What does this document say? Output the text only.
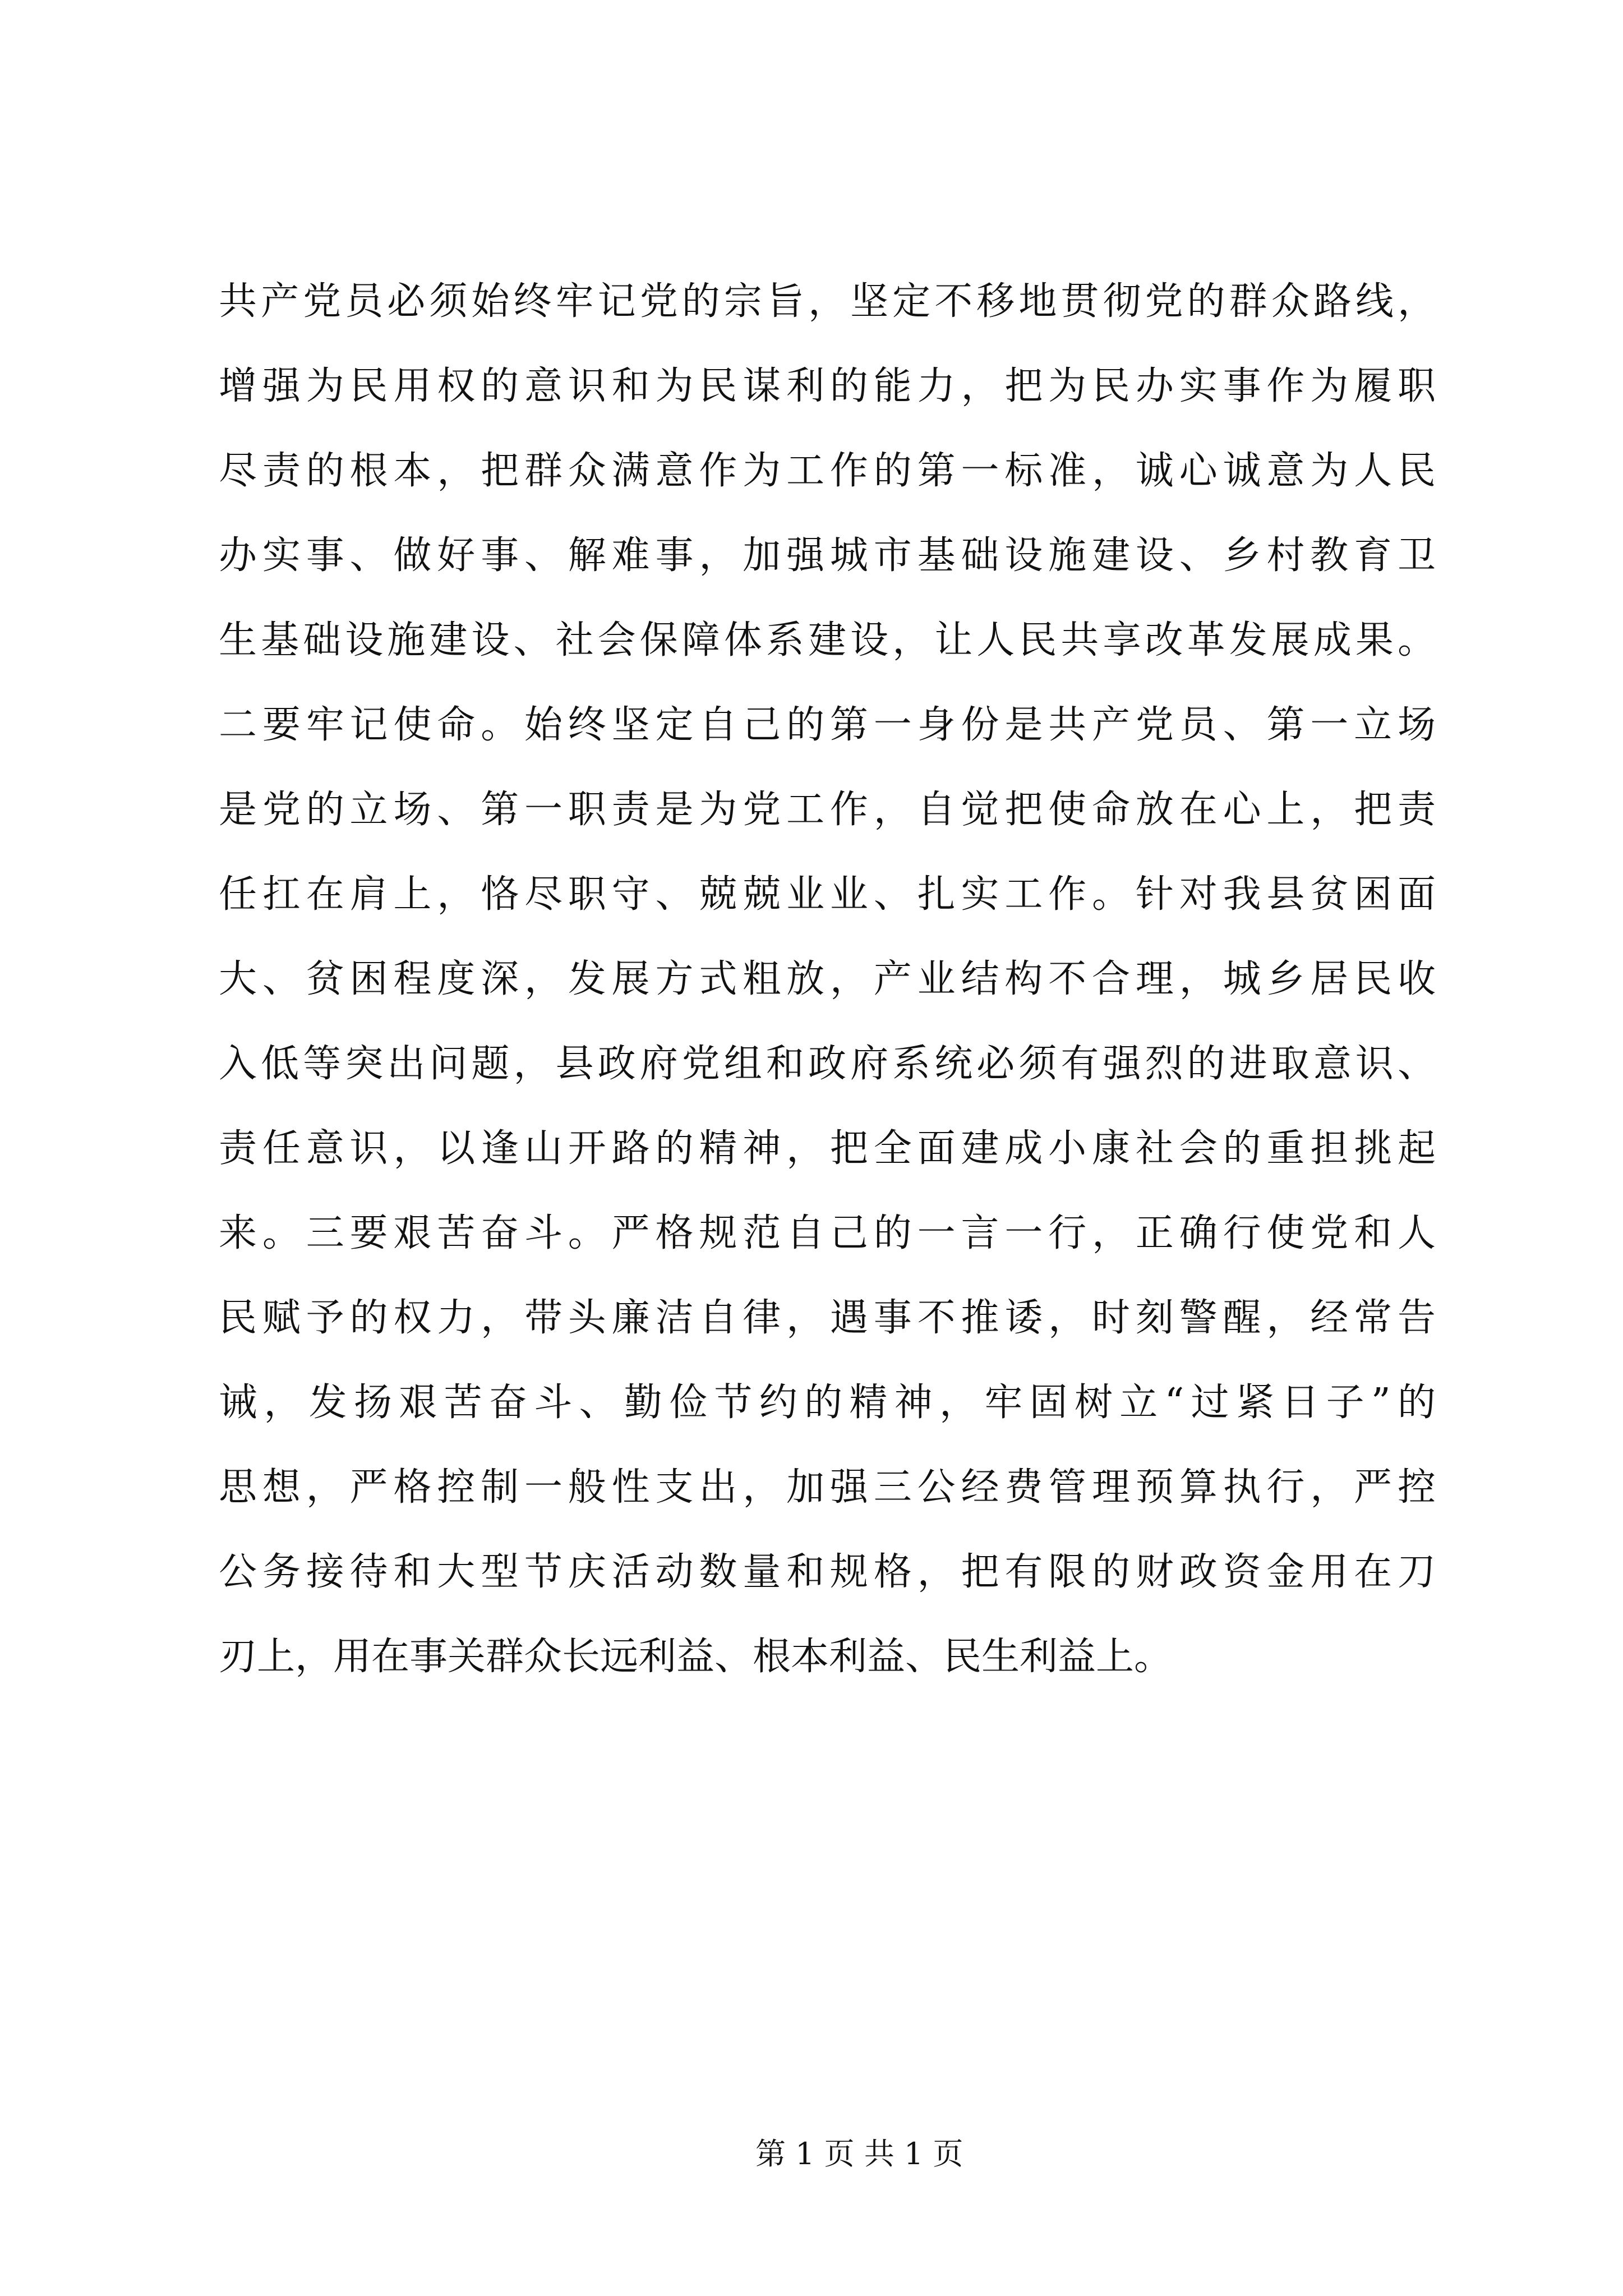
共产党员必须始终牢记党的宗旨，坚定不移地贯彻党的群众路线，
增强为民用权的意识和为民谋利的能力，把为民办实事作为履职
尽责的根本，把群众满意作为工作的第一标准，诚心诚意为人民
办实事、做好事、解难事，加强城市基础设施建设、乡村教育卫
生基础设施建设、社会保障体系建设，让人民共享改革发展成果。
二要牢记使命。始终坚定自己的第一身份是共产党员、第一立场
是党的立场、第一职责是为党工作，自觉把使命放在心上，把责
任扛在肩上，恪尽职守、兢兢业业、扎实工作。针对我县贫困面
大、贫困程度深，发展方式粗放，产业结构不合理，城乡居民收
入低等突出问题，县政府党组和政府系统必须有强烈的进取意识、
责任意识，以逢山开路的精神，把全面建成小康社会的重担挑起
来。三要艰苦奋斗。严格规范自己的一言一行，正确行使党和人
民赋予的权力，带头廉洁自律，遇事不推诿，时刻警醒，经常告
诫，发扬艰苦奋斗、勤俭节约的精神，牢固树立“过紧日子”的
思想，严格控制一般性支出，加强三公经费管理预算执行，严控
公务接待和大型节庆活动数量和规格，把有限的财政资金用在刀
刃上，用在事关群众长远利益、根本利益、民生利益上。
第 1 页 共 1 页
